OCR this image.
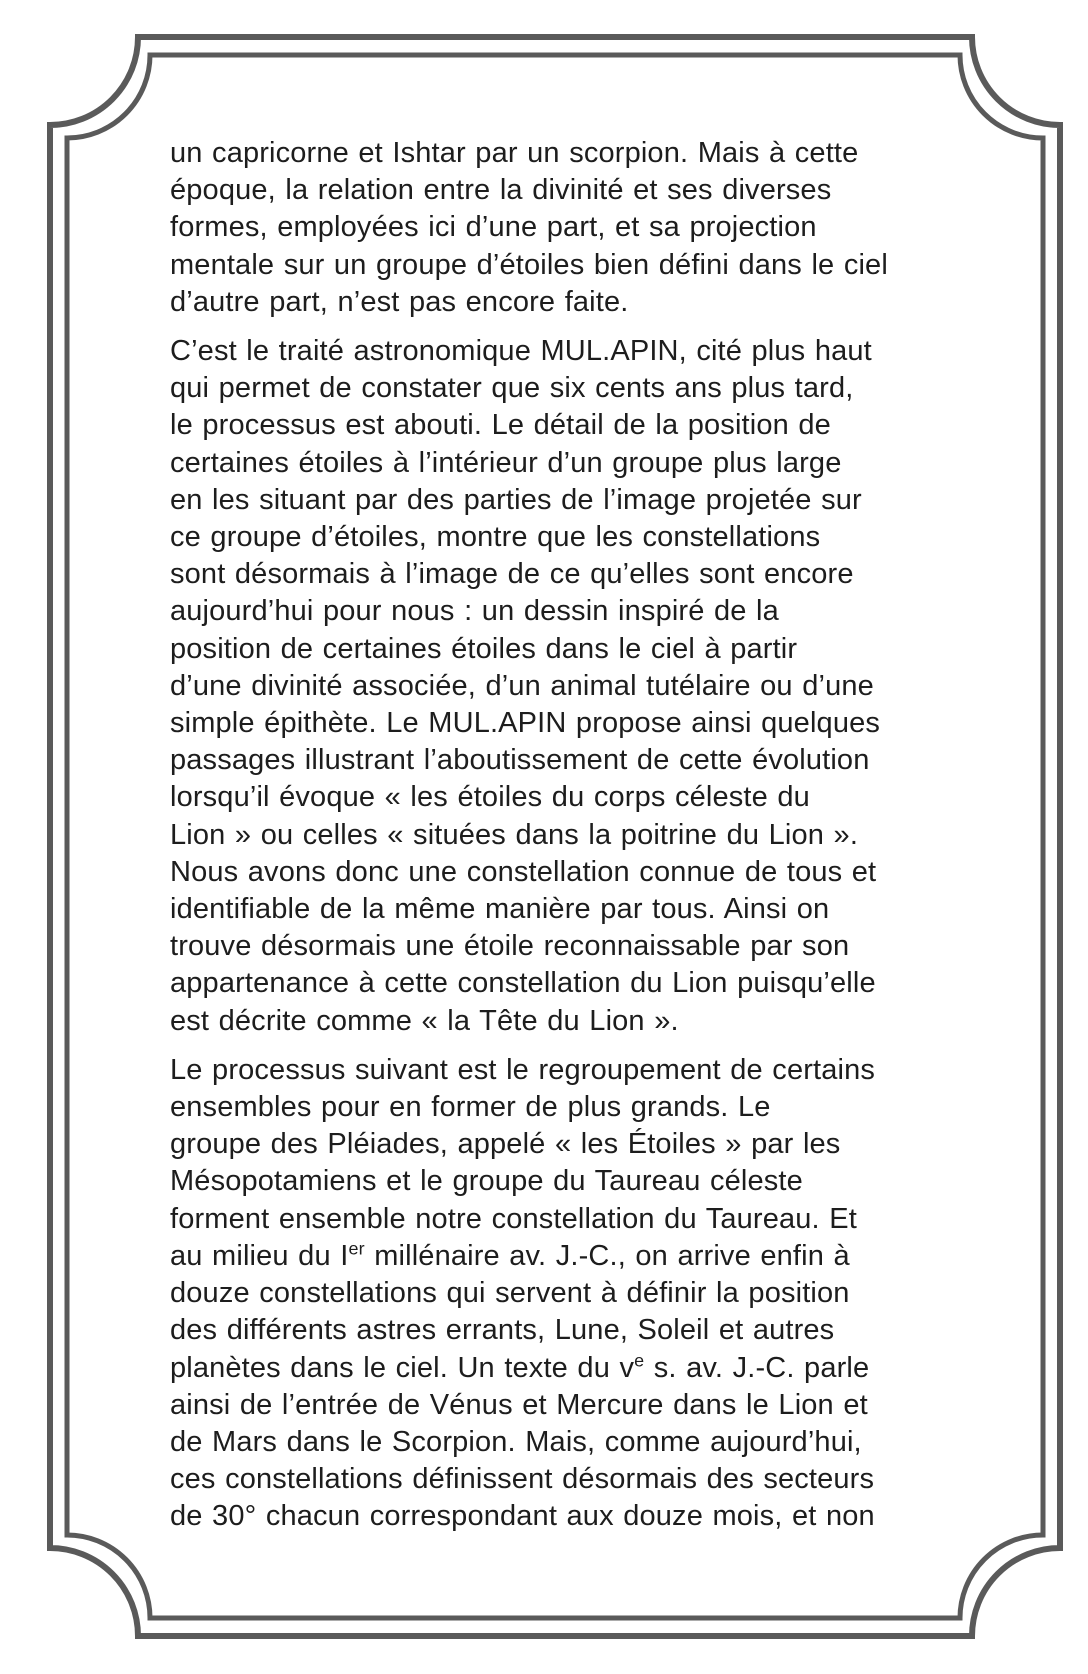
un capricorne et Ishtar par un scorpion. Mais à cette
époque, la relation entre la divinité et ses diverses
formes, employées ici d’une part, et sa projection
mentale sur un groupe d’étoiles bien défini dans le ciel
d’autre part, n’est pas encore faite.

C’est le traité astronomique MUL.APIN, cité plus haut
qui permet de constater que six cents ans plus tard,
le processus est abouti. Le détail de la position de
certaines étoiles à l’intérieur d’un groupe plus large
en les situant par des parties de l’image projetée sur
ce groupe d’étoiles, montre que les constellations
sont désormais à l’image de ce qu’elles sont encore
aujourd’hui pour nous : un dessin inspiré de la
position de certaines étoiles dans le ciel à partir
d’une divinité associée, d’un animal tutélaire ou d’une
simple épithète. Le MUL.APIN propose ainsi quelques
passages illustrant l’aboutissement de cette évolution
lorsqu’il évoque « les étoiles du corps céleste du
Lion » ou celles « situées dans la poitrine du Lion ».
Nous avons donc une constellation connue de tous et
identifiable de la même manière par tous. Ainsi on
trouve désormais une étoile reconnaissable par son
appartenance à cette constellation du Lion puisqu’elle
est décrite comme « la Tête du Lion ».

Le processus suivant est le regroupement de certains
ensembles pour en former de plus grands. Le
groupe des Pléiades, appelé « les Étoiles » par les
Mésopotamiens et le groupe du Taureau céleste
forment ensemble notre constellation du Taureau. Et
au milieu du Ier millénaire av. J.-C., on arrive enfin à
douze constellations qui servent à définir la position
des différents astres errants, Lune, Soleil et autres
planètes dans le ciel. Un texte du $v^e$ s. av. J.-C. parle
ainsi de l’entrée de Vénus et Mercure dans le Lion et
de Mars dans le Scorpion. Mais, comme aujourd’hui,
ces constellations définissent désormais des secteurs
de 30° chacun correspondant aux douze mois, et non
